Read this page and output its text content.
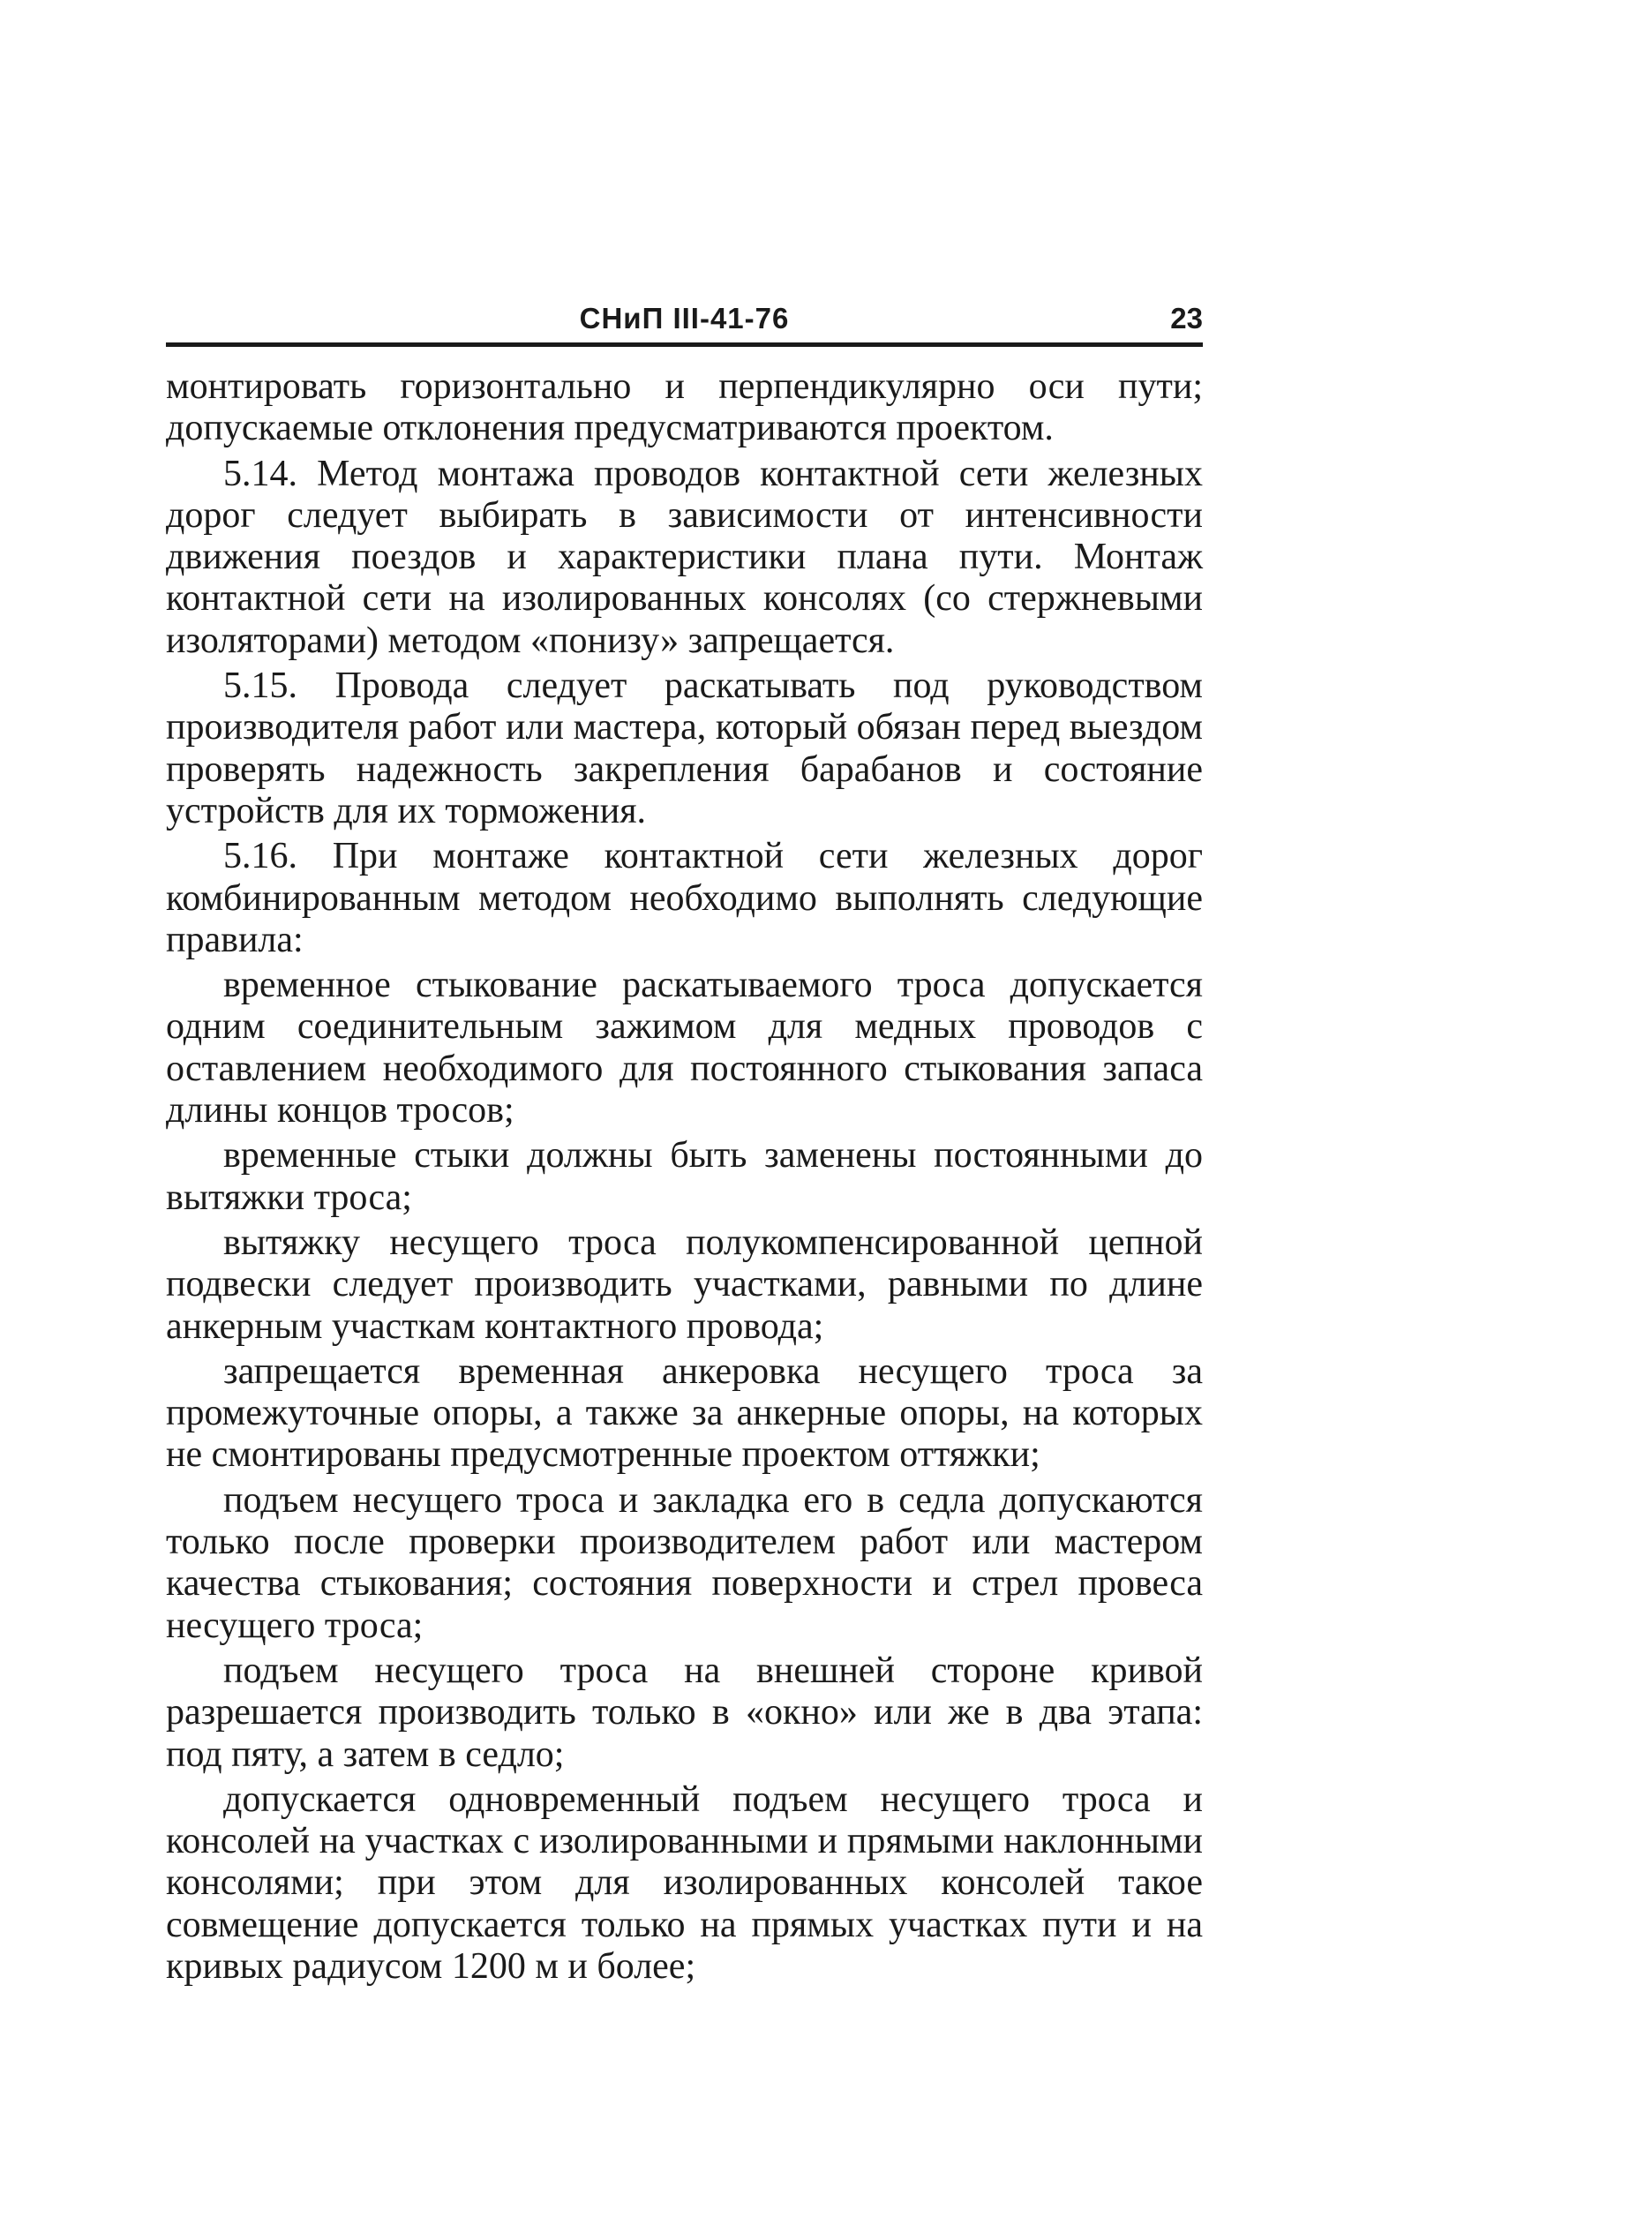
СНиП III-41-76	23

монтировать горизонтально и перпендикулярно оси пути; допускаемые отклонения предусматриваются проектом.

5.14. Метод монтажа проводов контактной сети железных дорог следует выбирать в зависимости от интенсивности движения поездов и характеристики плана пути. Монтаж контактной сети на изолированных консолях (со стержневыми изоляторами) методом «понизу» запрещается.

5.15. Провода следует раскатывать под руководством производителя работ или мастера, который обязан перед выездом проверять надежность закрепления барабанов и состояние устройств для их торможения.

5.16. При монтаже контактной сети железных дорог комбинированным методом необходимо выполнять следующие правила:

временное стыкование раскатываемого троса допускается одним соединительным зажимом для медных проводов с оставлением необходимого для постоянного стыкования запаса длины концов тросов;

временные стыки должны быть заменены постоянными до вытяжки троса;

вытяжку несущего троса полукомпенсированной цепной подвески следует производить участками, равными по длине анкерным участкам контактного провода;

запрещается временная анкеровка несущего троса за промежуточные опоры, а также за анкерные опоры, на которых не смонтированы предусмотренные проектом оттяжки;

подъем несущего троса и закладка его в седла допускаются только после проверки производителем работ или мастером качества стыкования; состояния поверхности и стрел провеса несущего троса;

подъем несущего троса на внешней стороне кривой разрешается производить только в «окно» или же в два этапа: под пяту, а затем в седло;

допускается одновременный подъем несущего троса и консолей на участках с изолированными и прямыми наклонными консолями; при этом для изолированных консолей такое совмещение допускается только на прямых участках пути и на кривых радиусом 1200 м и более;
